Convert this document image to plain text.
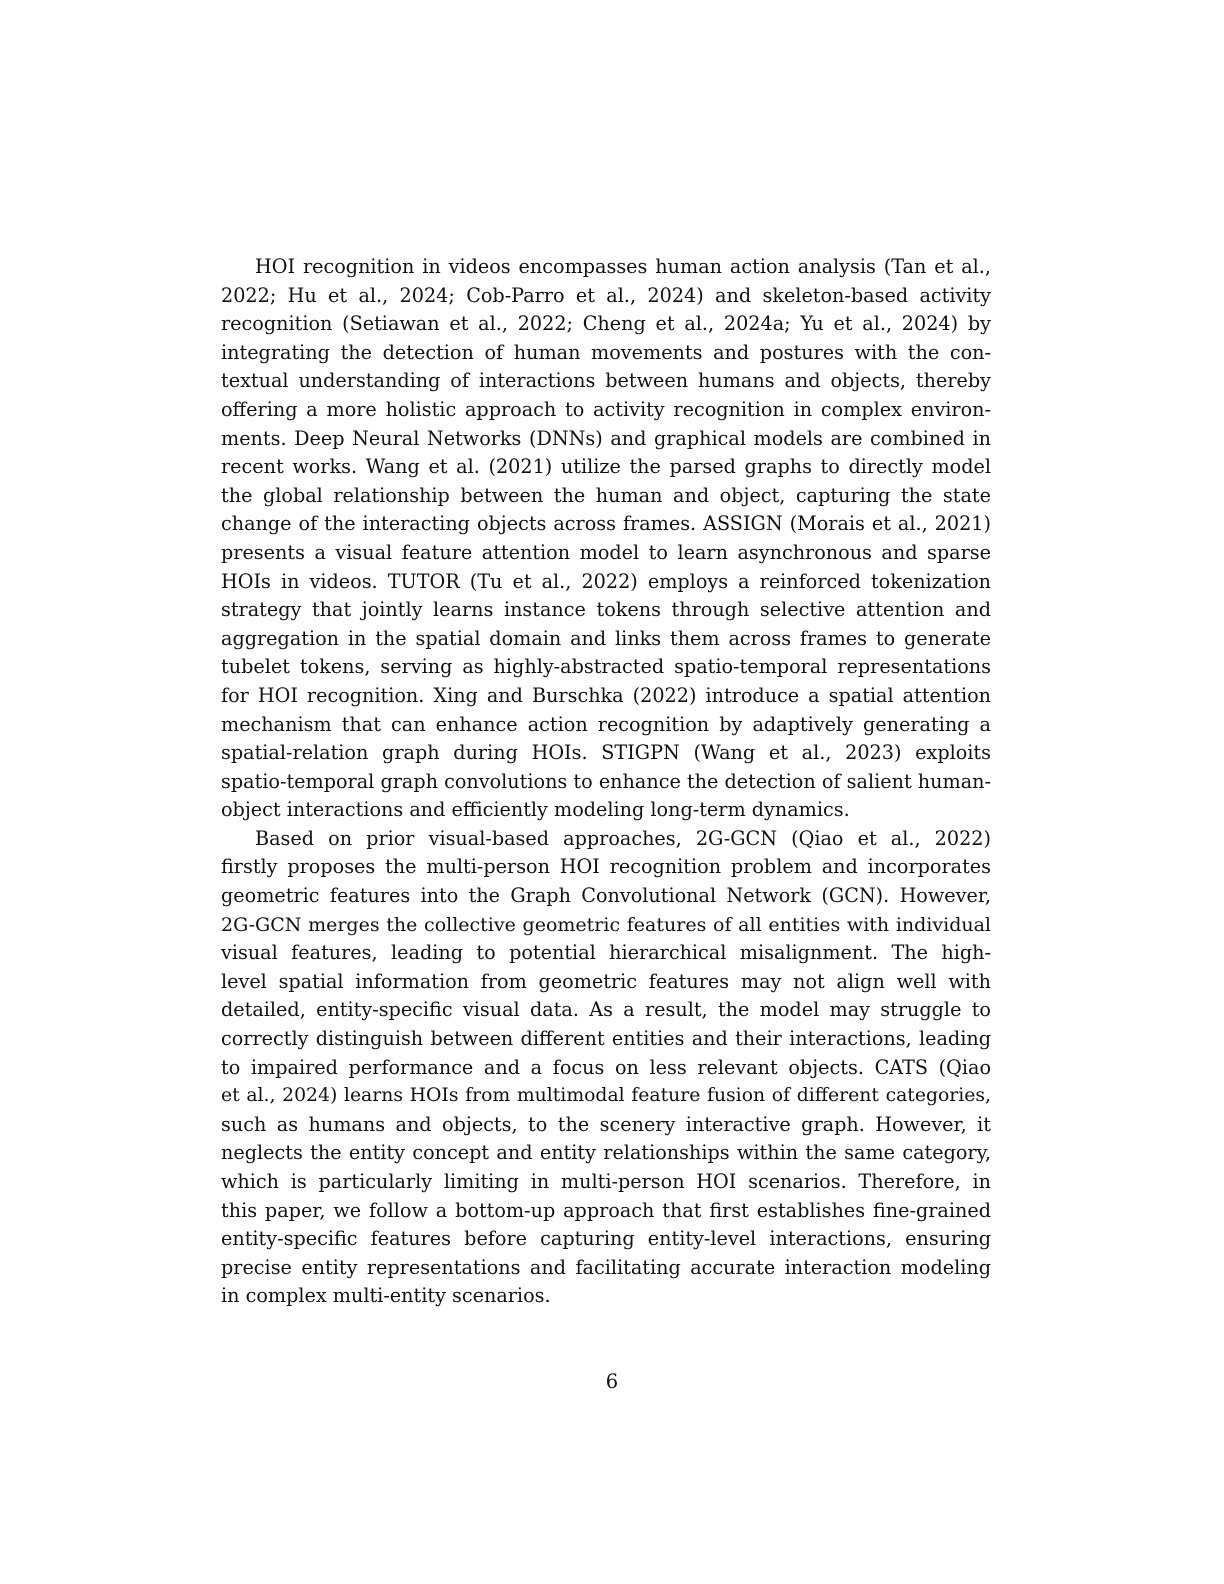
HOI recognition in videos encompasses human action analysis (Tan et al.,
2022; Hu et al., 2024; Cob-Parro et al., 2024) and skeleton-based activity
recognition (Setiawan et al., 2022; Cheng et al., 2024a; Yu et al., 2024) by
integrating the detection of human movements and postures with the con-
textual understanding of interactions between humans and objects, thereby
offering a more holistic approach to activity recognition in complex environ-
ments. Deep Neural Networks (DNNs) and graphical models are combined in
recent works. Wang et al. (2021) utilize the parsed graphs to directly model
the global relationship between the human and object, capturing the state
change of the interacting objects across frames. ASSIGN (Morais et al., 2021)
presents a visual feature attention model to learn asynchronous and sparse
HOIs in videos. TUTOR (Tu et al., 2022) employs a reinforced tokenization
strategy that jointly learns instance tokens through selective attention and
aggregation in the spatial domain and links them across frames to generate
tubelet tokens, serving as highly-abstracted spatio-temporal representations
for HOI recognition. Xing and Burschka (2022) introduce a spatial attention
mechanism that can enhance action recognition by adaptively generating a
spatial-relation graph during HOIs. STIGPN (Wang et al., 2023) exploits
spatio-temporal graph convolutions to enhance the detection of salient human-
object interactions and efficiently modeling long-term dynamics.
Based on prior visual-based approaches, 2G-GCN (Qiao et al., 2022)
firstly proposes the multi-person HOI recognition problem and incorporates
geometric features into the Graph Convolutional Network (GCN). However,
2G-GCN merges the collective geometric features of all entities with individual
visual features, leading to potential hierarchical misalignment. The high-
level spatial information from geometric features may not align well with
detailed, entity-specific visual data. As a result, the model may struggle to
correctly distinguish between different entities and their interactions, leading
to impaired performance and a focus on less relevant objects. CATS (Qiao
et al., 2024) learns HOIs from multimodal feature fusion of different categories,
such as humans and objects, to the scenery interactive graph. However, it
neglects the entity concept and entity relationships within the same category,
which is particularly limiting in multi-person HOI scenarios. Therefore, in
this paper, we follow a bottom-up approach that first establishes fine-grained
entity-specific features before capturing entity-level interactions, ensuring
precise entity representations and facilitating accurate interaction modeling
in complex multi-entity scenarios.
6
